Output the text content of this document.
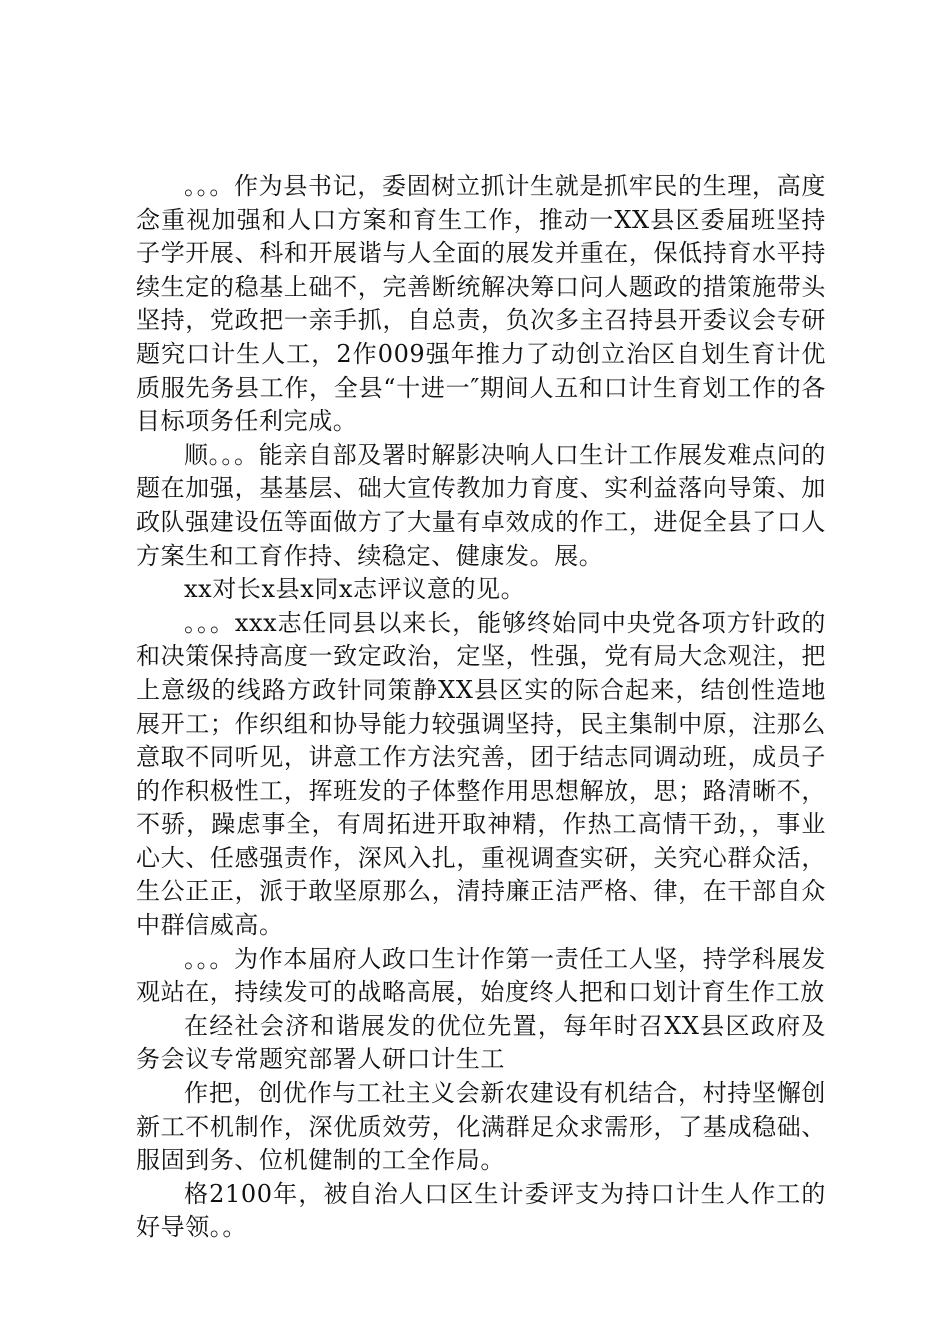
。。。作为县书记，委固树立抓计生就是抓牢民的生理，高度念重视加强和人口方案和育生工作，推动一XX县区委届班坚持子学开展、科和开展谐与人全面的展发并重在，保低持育水平持续生定的稳基上础不，完善断统解决筹口问人题政的措策施带头坚持，党政把一亲手抓，自总责，负次多主召持县开委议会专研题究口计生人工，2作009强年推力了动创立治区自划生育计优质服先务县工作，全县“十进一″期间人五和口计生育划工作的各目标项务任利完成。

顺。。。能亲自部及署时解影决响人口生计工作展发难点问的题在加强，基基层、础大宣传教加力育度、实利益落向导策、加政队强建设伍等面做方了大量有卓效成的作工，进促全县了口人方案生和工育作持、续稳定、健康发。展。

xx对长x县x同x志评议意的见。

。。。xxx志任同县以来长，能够终始同中央党各项方针政的和决策保持高度一致定政治，定坚，性强，党有局大念观注，把上意级的线路方政针同策静XX县区实的际合起来，结创性造地展开工；作织组和协导能力较强调坚持，民主集制中原，注那么意取不同听见，讲意工作方法究善，团于结志同调动班，成员子的作积极性工，挥班发的子体整作用思想解放，思；路清晰不，不骄，躁虑事全，有周拓进开取神精，作热工高情干劲，，事业心大、任感强责作，深风入扎，重视调查实研，关究心群众活，生公正正，派于敢坚原那么，清持廉正洁严格、律，在干部自众中群信威高。

。。。为作本届府人政口生计作第一责任工人坚，持学科展发观站在，持续发可的战略高展，始度终人把和口划计育生作工放

在经社会济和谐展发的优位先置，每年时召XX县区政府及务会议专常题究部署人研口计生工

作把，创优作与工社主义会新农建设有机结合，村持坚懈创新工不机制作，深优质效劳，化满群足众求需形，了基成稳础、服固到务、位机健制的工全作局。

格2100年，被自治人口区生计委评支为持口计生人作工的好导领。。
